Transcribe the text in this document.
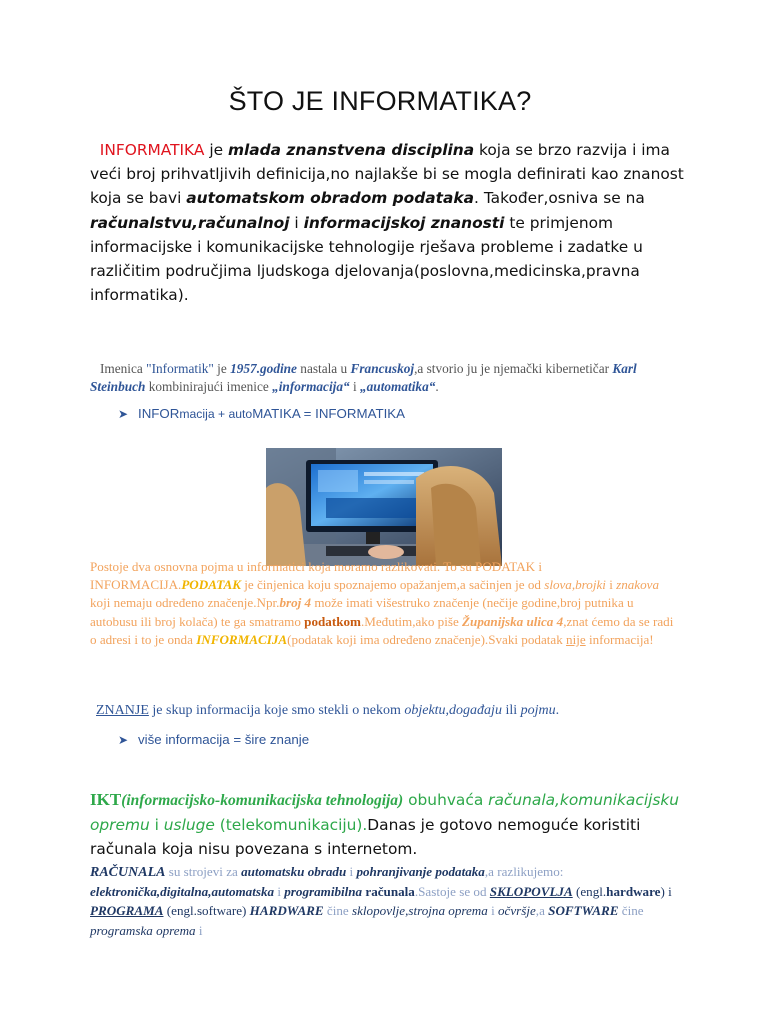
ŠTO JE INFORMATIKA?
INFORMATIKA je mlada znanstvena disciplina koja se brzo razvija i ima veći broj prihvatljivih definicija,no najlakše bi se mogla definirati kao znanost koja se bavi automatskom obradom podataka. Također,osniva se na računalstvu,računalnoj i informacijskoj znanosti te primjenom informacijske i komunikacijske tehnologije rješava probleme i zadatke u različitim područjima ljudskoga djelovanja(poslovna,medicinska,pravna informatika).
Imenica "Informatik" je 1957.godine nastala u Francuskoj,a stvorio ju je njemački kibernetičar Karl Steinbuch kombinirajući imenice „informacija“ i „automatika“.
➤ INFORmacija + autoMATIKA = INFORMATIKA
Postoje dva osnovna pojma u informatici koja moramo razlikovati. To su PODATAK i INFORMACIJA.PODATAK je činjenica koju spoznajemo opažanjem,a sačinjen je od slova,brojki i znakova koji nemaju određeno značenje.Npr.broj 4 može imati višestruko značenje (nečije godine,broj putnika u autobusu ili broj kolača) te ga smatramo podatkom.Međutim,ako piše Županijska ulica 4,znat ćemo da se radi o adresi i to je onda INFORMACIJA(podatak koji ima određeno značenje).Svaki podatak nije informacija!
ZNANJE je skup informacija koje smo stekli o nekom objektu,događaju ili pojmu.
➤ više informacija = šire znanje
IKT(informacijsko-komunikacijska tehnologija) obuhvaća računala,komunikacijsku opremu i usluge (telekomunikaciju).Danas je gotovo nemoguće koristiti računala koja nisu povezana s internetom.
RAČUNALA su strojevi za automatsku obradu i pohranjivanje podataka,a razlikujemo: elektronička,digitalna,automatska i programibilna računala.Sastoje se od SKLOPOVLJA (engl.hardware) i PROGRAMA (engl.software) HARDWARE čine sklopovlje,strojna oprema i očvršje,a SOFTWARE čine programska oprema i
